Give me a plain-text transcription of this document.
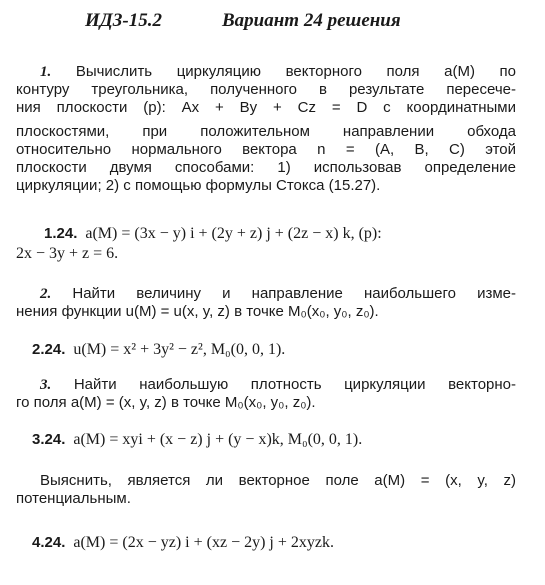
ИДЗ-15.2	Вариант 24 решения
1. Вычислить циркуляцию векторного поля a(M) по
контуру треугольника, полученного в результате пересече-
ния плоскости (p): Ax + By + Cz = D с координатными
плоскостями, при положительном направлении обхода
относительно нормального вектора n = (A, B, C) этой
плоскости двумя способами: 1) использовав определение
циркуляции; 2) с помощью формулы Стокса (15.27).
1.24. a(M) = (3x − y) i + (2y + z) j + (2z − x) k, (p):
2x − 3y + z = 6.
2. Найти величину и направление наибольшего изме-
нения функции u(M) = u(x, y, z) в точке M₀(x₀, y₀, z₀).
2.24. u(M) = x² + 3y² − z², M₀(0, 0, 1).
3. Найти наибольшую плотность циркуляции векторно-
го поля a(M) = (x, y, z) в точке M₀(x₀, y₀, z₀).
3.24. a(M) = xyi + (x − z) j + (y − x)k, M₀(0, 0, 1).
Выяснить, является ли векторное поле a(M) = (x, y, z)
потенциальным.
4.24. a(M) = (2x − yz) i + (xz − 2y) j + 2xyzk.
